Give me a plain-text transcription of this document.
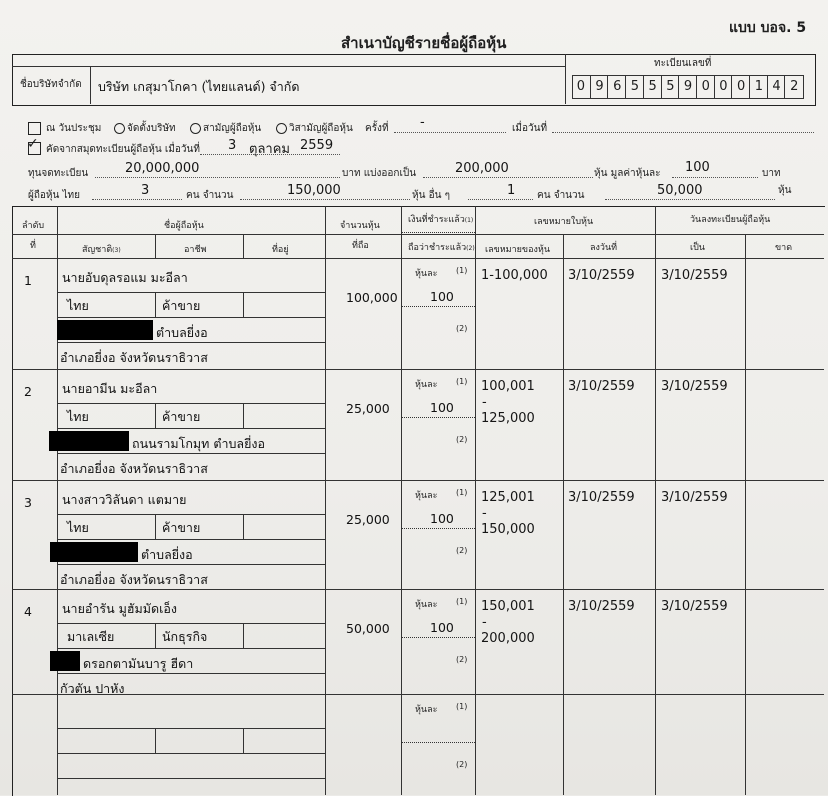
แบบ บอจ. 5
สำเนาบัญชีรายชื่อผู้ถือหุ้น
ชื่อบริษัทจำกัด บริษัท เกสุมาโกคา (ไทยแลนด์) จำกัด
ทะเบียนเลขที่
0 9 6 5 5 5 9 0 0 0 1 4 2
ณ วันประชุม	จัดตั้งบริษัท	สามัญผู้ถือหุ้น	วิสามัญผู้ถือหุ้น ครั้งที่ -	เมื่อวันที่
✓ คัดจากสมุดทะเบียนผู้ถือหุ้น เมื่อวันที่ 3 ตุลาคม 2559
ทุนจดทะเบียน	20,000,000	บาท แบ่งออกเป็น	200,000	หุ้น มูลค่าหุ้นละ 100	บาท
ผู้ถือหุ้น ไทย	3	คน จำนวน	150,000	หุ้น อื่น ๆ	1 คน จำนวน	50,000	หุ้น
ลำดับ
ที่
ชื่อผู้ถือหุ้น
สัญชาติ(3)	อาชีพ	ที่อยู่
จำนวนหุ้น
ที่ถือ
เงินที่ชำระแล้ว(1)
ถือว่าชำระแล้ว(2)
เลขหมายใบหุ้น
เลขหมายของหุ้น	ลงวันที่
วันลงทะเบียนผู้ถือหุ้น
เป็น	ขาด
หุ้นละ (1)
(2)
1 นายอับดุลรอแม มะอีลา
ไทย	ค้าขาย
ตำบลยี่งอ
อำเภอยี่งอ จังหวัดนราธิวาส
100,000	100
1-100,000 3/10/2559 3/10/2559
หุ้นละ (1)
(2)
2 นายอามีน มะอีลา
ไทย	ค้าขาย
ถนนรามโกมุท ตำบลยี่งอ
อำเภอยี่งอ จังหวัดนราธิวาส
25,000	100
100,001
-
125,000
3/10/2559 3/10/2559
หุ้นละ (1)
(2)
3 นางสาววิลันดา แตมาย
ไทย	ค้าขาย
ตำบลยี่งอ
อำเภอยี่งอ จังหวัดนราธิวาส
25,000	100
125,001
-
150,000
3/10/2559 3/10/2559
หุ้นละ (1)
(2)
4 นายอำรัน มูฮัมมัดเอ็ง
มาเลเซีย	นักธุรกิจ
ดรอกตามันบารู ฮีดา
กัวตัน ปาหัง
50,000	100
150,001
-
200,000
3/10/2559 3/10/2559
หุ้นละ (1)
(2)
